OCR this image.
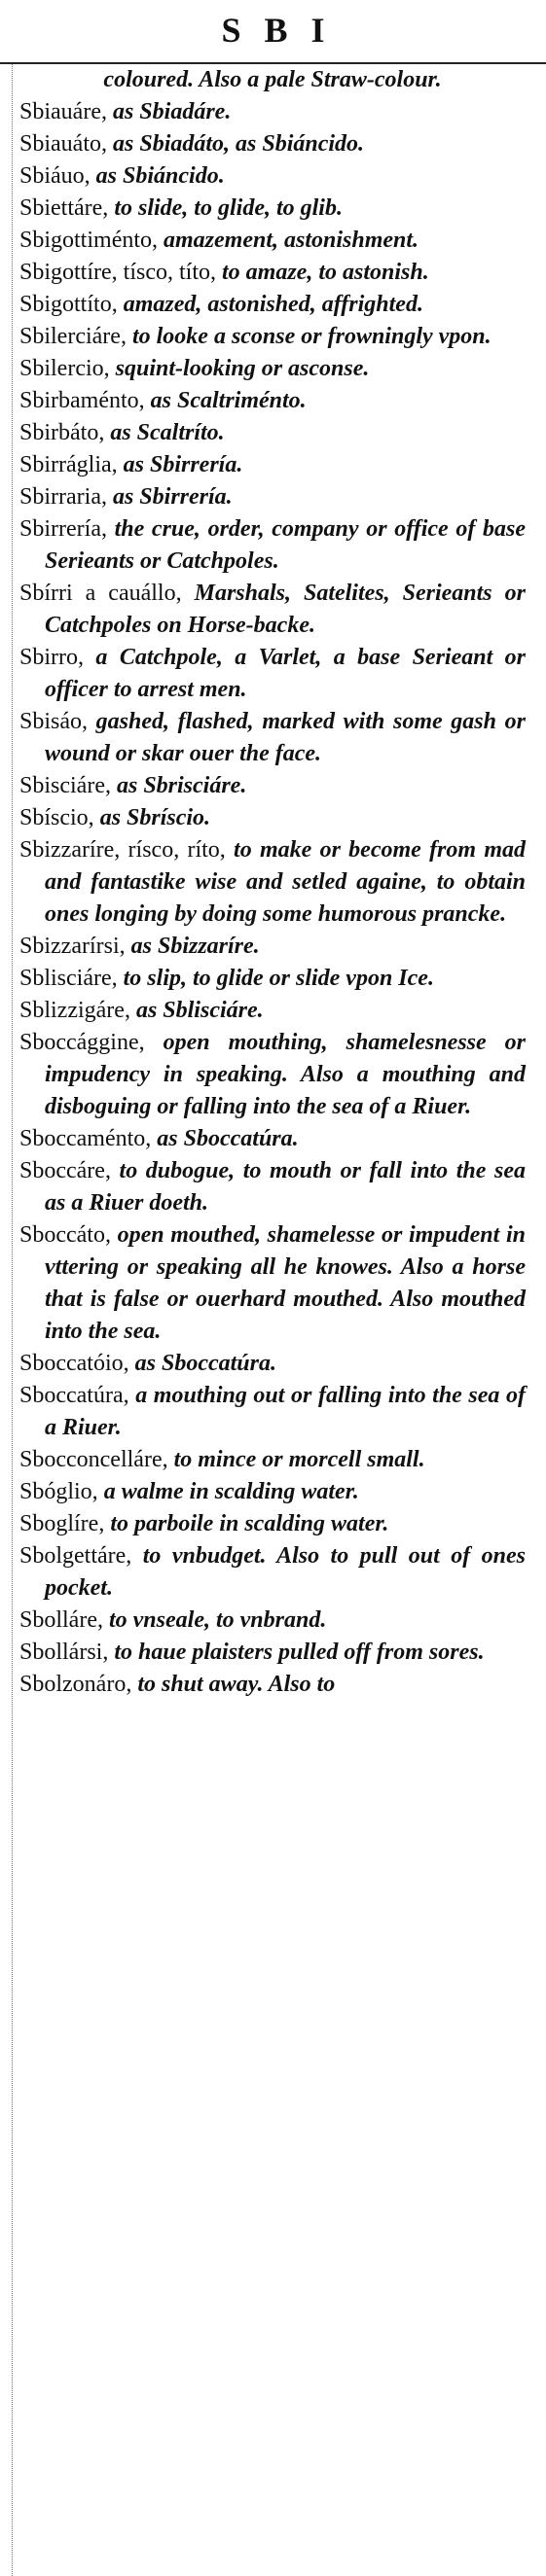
SBI
coloured. Also a pale Straw-colour.
Sbiauáre, as Sbiadáre.
Sbiauáto, as Sbiadáto, as Sbiáncido.
Sbiáuo, as Sbiáncido.
Sbiettáre, to slide, to glide, to glib.
Sbigottiménto, amazement, astonishment.
Sbigottíre, tísco, títo, to amaze, to astonish.
Sbigottíto, amazed, astonished, affrighted.
Sbilerciáre, to looke a sconse or frowningly vpon.
Sbilercio, squint-looking or asconse.
Sbirbaménto, as Scaltriménto.
Sbirbáto, as Scaltríto.
Sbirráglia, as Sbirrería.
Sbirraria, as Sbirrería.
Sbirrería, the crue, order, company or office of base Serieants or Catchpoles.
Sbírri a cauállo, Marshals, Satelites, Serieants or Catchpoles on Horse-backe.
Sbirro, a Catchpole, a Varlet, a base Serieant or officer to arrest men.
Sbisáo, gashed, flashed, marked with some gash or wound or skar ouer the face.
Sbisciáre, as Sbrisciáre.
Sbíscio, as Sbríscio.
Sbizzaríre, rísco, ríto, to make or become from mad and fantastike wise and setled againe, to obtain ones longing by doing some humorous prancke.
Sbizzarírsi, as Sbizzaríre.
Sblisciáre, to slip, to glide or slide vpon Ice.
Sblizzigáre, as Sblisciáre.
Sboccággine, open mouthing, shamelesnesse or impudency in speaking. Also a mouthing and disboguing or falling into the sea of a Riuer.
Sboccaménto, as Sboccatúra.
Sboccáre, to dubogue, to mouth or fall into the sea as a Riuer doeth.
Sboccáto, open mouthed, shamelesse or impudent in vttering or speaking all he knowes. Also a horse that is false or ouerhard mouthed. Also mouthed into the sea.
Sboccatóio, as Sboccatúra.
Sboccatúra, a mouthing out or falling into the sea of a Riuer.
Sbocconcelláre, to mince or morcell small.
Sbóglio, a walme in scalding water.
Sboglíre, to parboile in scalding water.
Sbolgettáre, to vnbudget. Also to pull out of ones pocket.
Sbolláre, to vnseale, to vnbrand.
Sbollársi, to haue plaisters pulled off from sores.
Sbolzonáro, to shut away. Also to
